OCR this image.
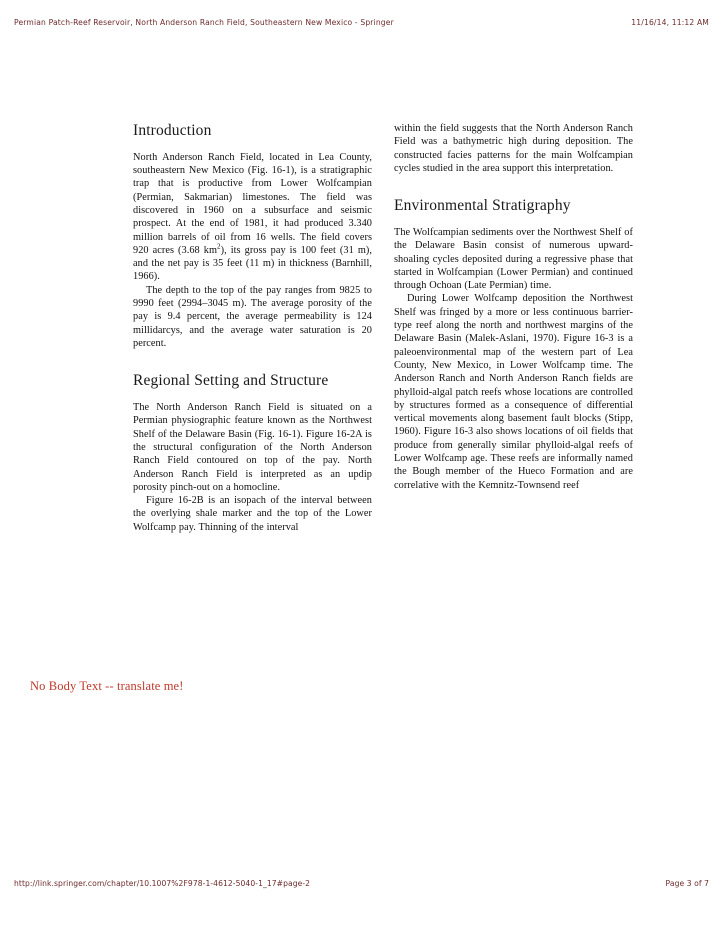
Permian Patch-Reef Reservoir, North Anderson Ranch Field, Southeastern New Mexico - Springer	11/16/14, 11:12 AM
Introduction

North Anderson Ranch Field, located in Lea County, southeastern New Mexico (Fig. 16-1), is a stratigraphic trap that is productive from Lower Wolfcampian (Permian, Sakmarian) limestones. The field was discovered in 1960 on a subsurface and seismic prospect. At the end of 1981, it had produced 3.340 million barrels of oil from 16 wells. The field covers 920 acres (3.68 $km^2$), its gross pay is 100 feet (31 m), and the net pay is 35 feet (11 m) in thickness (Barnhill, 1966).

The depth to the top of the pay ranges from 9825 to 9990 feet (2994–3045 m). The average porosity of the pay is 9.4 percent, the average permeability is 124 millidarcys, and the average water saturation is 20 percent.

Regional Setting and Structure

The North Anderson Ranch Field is situated on a Permian physiographic feature known as the Northwest Shelf of the Delaware Basin (Fig. 16-1). Figure 16-2A is the structural configuration of the North Anderson Ranch Field contoured on top of the pay. North Anderson Ranch Field is interpreted as an updip porosity pinch-out on a homocline.

Figure 16-2B is an isopach of the interval between the overlying shale marker and the top of the Lower Wolfcamp pay. Thinning of the interval

within the field suggests that the North Anderson Ranch Field was a bathymetric high during deposition. The constructed facies patterns for the main Wolfcampian cycles studied in the area support this interpretation.

Environmental Stratigraphy

The Wolfcampian sediments over the Northwest Shelf of the Delaware Basin consist of numerous upward-shoaling cycles deposited during a regressive phase that started in Wolfcampian (Lower Permian) and continued through Ochoan (Late Permian) time.

During Lower Wolfcamp deposition the Northwest Shelf was fringed by a more or less continuous barrier-type reef along the north and northwest margins of the Delaware Basin (Malek-Aslani, 1970). Figure 16-3 is a paleoenvironmental map of the western part of Lea County, New Mexico, in Lower Wolfcamp time. The Anderson Ranch and North Anderson Ranch fields are phylloid-algal patch reefs whose locations are controlled by structures formed as a consequence of differential vertical movements along basement fault blocks (Stipp, 1960). Figure 16-3 also shows locations of oil fields that produce from generally similar phylloid-algal reefs of Lower Wolfcamp age. These reefs are informally named the Bough member of the Hueco Formation and are correlative with the Kemnitz-Townsend reef

No Body Text -- translate me!
http://link.springer.com/chapter/10.1007%2F978-1-4612-5040-1_17#page-2	Page 3 of 7
